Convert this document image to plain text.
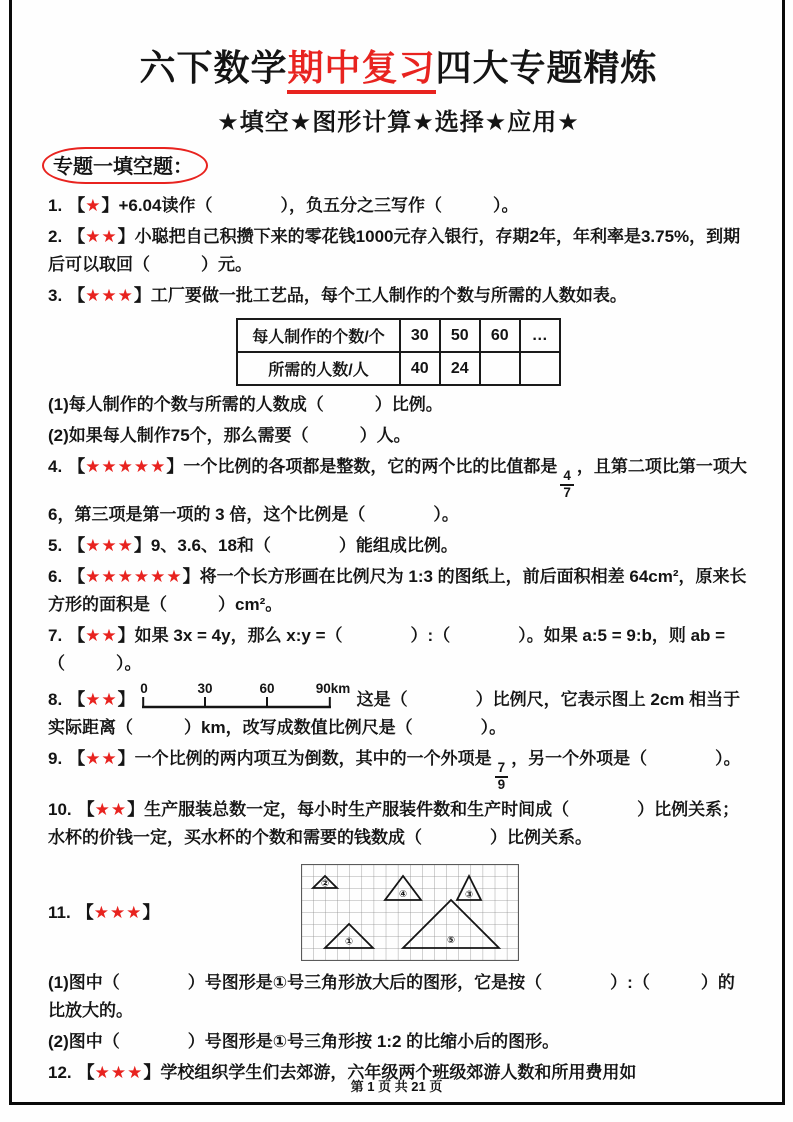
六下数学期中复习四大专题精炼
★填空★图形计算★选择★应用★
专题一填空题：

1. 【★】+6.04读作（　　　　），负五分之三写作（　　　）。

2. 【★★】小聪把自己积攒下来的零花钱1000元存入银行，存期2年，年利率是3.75%，到期后可以取回（　　　）元。

3. 【★★★】工厂要做一批工艺品，每个工人制作的个数与所需的人数如表。

每人制作的个数/个	30	50	60	…
所需的人数/人	40	24		

(1)每人制作的个数与所需的人数成（　　　）比例。

(2)如果每人制作75个，那么需要（　　　）人。

4. 【★★★★★】一个比例的各项都是整数，它的两个比的比值都是
$\frac{4}{7}$
，且第二项比第一项大 6，第三项是第一项的 3 倍，这个比例是（　　　　）。

5. 【★★★】9、3.6、18和（　　　　）能组成比例。

6. 【★★★★★★】将一个长方形画在比例尺为 1:3 的图纸上，前后面积相差 64cm²，原来长方形的面积是（　　　）cm²。

7. 【★★】如果 3x = 4y，那么 x:y =（　　　　）:（　　　　）。如果 a:5 = 9:b，则 ab =（　　　）。

8. 【★★】
0	30	60	90km
这是（　　　　）比例尺，它表示图上 2cm 相当于实际距离（　　　）km，改写成数值比例尺是（　　　　）。

9. 【★★】一个比例的两内项互为倒数，其中的一个外项是
$\frac{7}{9}$
，另一个外项是（　　　　）。

10. 【★★】生产服装总数一定，每小时生产服装件数和生产时间成（　　　　）比例关系；水杯的价钱一定，买水杯的个数和需要的钱数成（　　　　）比例关系。

11. 【 ★★★ 】
②
④	③
①	⑤

(1)图中（　　　　）号图形是①号三角形放大后的图形，它是按（　　　　）:（　　　）的比放大的。

(2)图中（　　　　）号图形是①号三角形按 1:2 的比缩小后的图形。

12. 【★★★】学校组织学生们去郊游，六年级两个班级郊游人数和所用费用如

第 1 页 共 21 页
